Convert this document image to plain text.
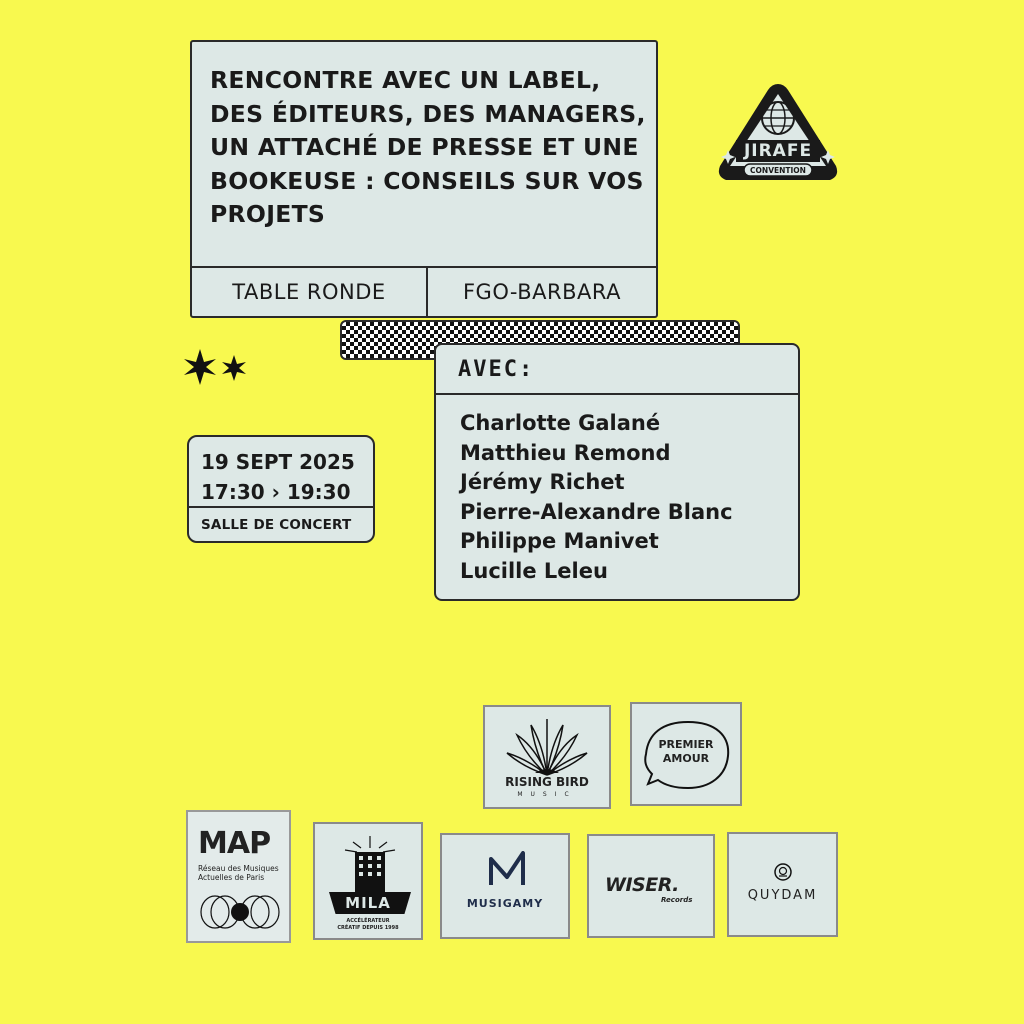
RENCONTRE AVEC UN LABEL, DES ÉDITEURS, DES MANAGERS, UN ATTACHÉ DE PRESSE ET UNE BOOKEUSE : CONSEILS SUR VOS PROJETS
TABLE RONDE	FGO-BARBARA
AVEC:
Charlotte Galané
Matthieu Remond
Jérémy Richet
Pierre-Alexandre Blanc
Philippe Manivet
Lucille Leleu
19 SEPT 2025
17:30 › 19:30
SALLE DE CONCERT
JIRAFE
CONVENTION
RISING BIRD
MUSIC
PREMIER
AMOUR
MAP
Réseau des Musiques
Actuelles de Paris
MILA
ACCÉLÉRATEUR
CRÉATIF DEPUIS 1998
MUSIGAMY
WISER.
Records	QUYDAM
